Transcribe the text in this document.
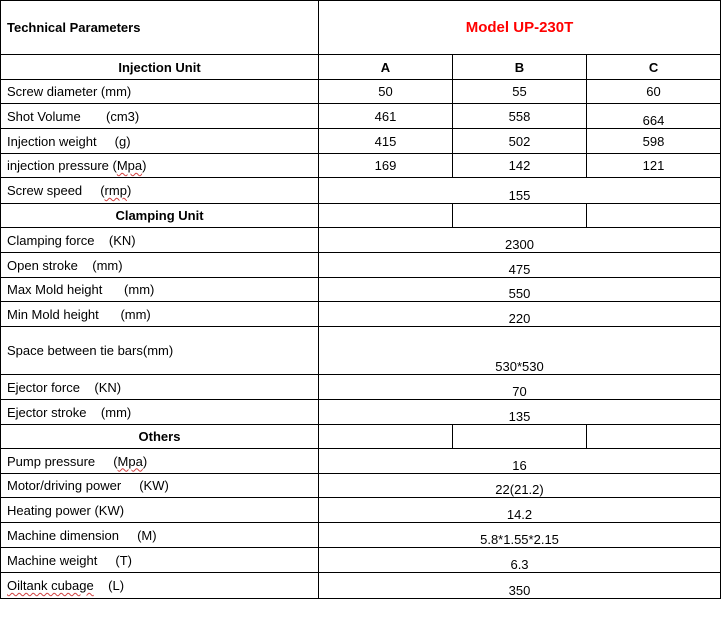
Technical Parameters	Model UP-230T		
Injection Unit	A	B	C
Screw diameter (mm)	50	55	60
Shot Volume       (cm3)	461	558	664
Injection weight     (g)	415	502	598
injection pressure (Mpa)	169	142	121
Screw speed     (rmp)	155		
Clamping Unit			
Clamping force    (KN)	2300		
Open stroke    (mm)	475		
Max Mold height      (mm)	550		
Min Mold height      (mm)	220		
Space between tie bars(mm)	530*530		
Ejector force    (KN)	70		
Ejector stroke    (mm)	135		
Others			
Pump pressure     (Mpa)	16		
Motor/driving power     (KW)	22(21.2)		
Heating power (KW)	14.2		
Machine dimension     (M)	5.8*1.55*2.15		
Machine weight     (T)	6.3		
Oiltank cubage    (L)	350		
